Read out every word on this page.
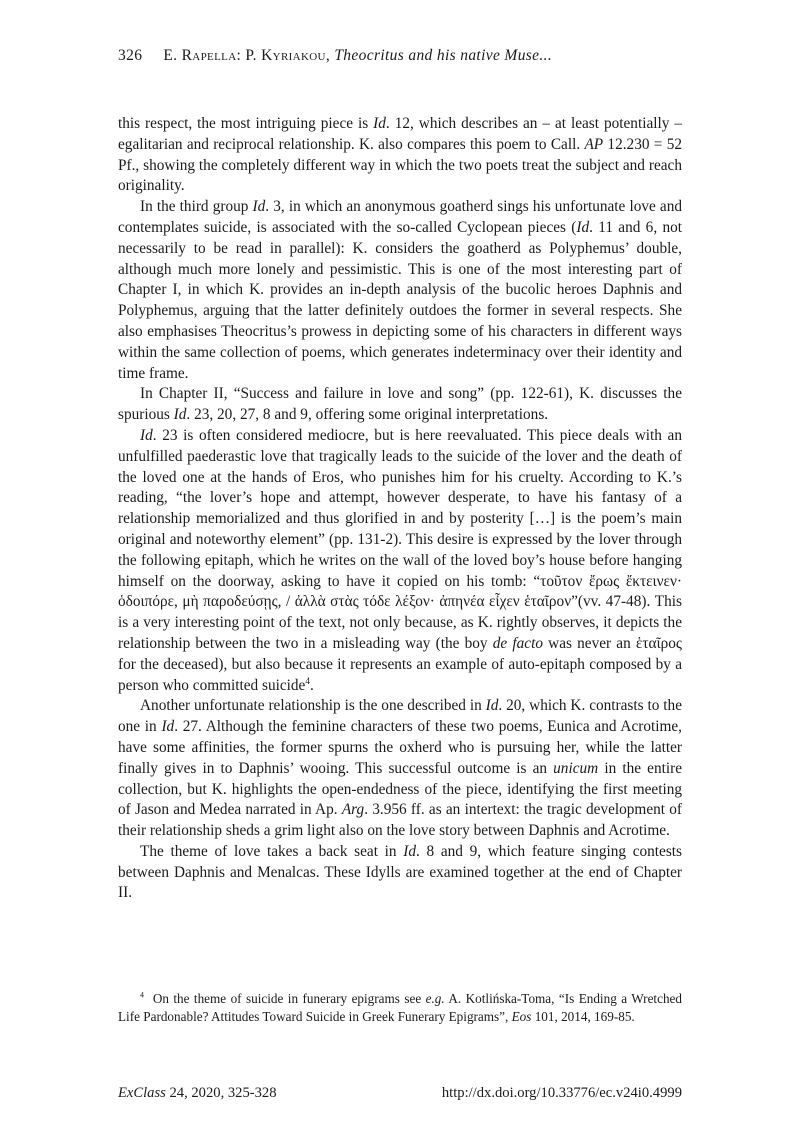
326 E. Rapella: P. Kyriakou, Theocritus and his native Muse...

this respect, the most intriguing piece is Id. 12, which describes an – at least potentially – egalitarian and reciprocal relationship. K. also compares this poem to Call. AP 12.230 = 52 Pf., showing the completely different way in which the two poets treat the subject and reach originality.

In the third group Id. 3, in which an anonymous goatherd sings his unfortunate love and contemplates suicide, is associated with the so-called Cyclopean pieces (Id. 11 and 6, not necessarily to be read in parallel): K. considers the goatherd as Polyphemus’ double, although much more lonely and pessimistic. This is one of the most interesting part of Chapter I, in which K. provides an in-depth analysis of the bucolic heroes Daphnis and Polyphemus, arguing that the latter definitely outdoes the former in several respects. She also emphasises Theocritus’s prowess in depicting some of his characters in different ways within the same collection of poems, which generates indeterminacy over their identity and time frame.

In Chapter II, “Success and failure in love and song” (pp. 122-61), K. discusses the spurious Id. 23, 20, 27, 8 and 9, offering some original interpretations.

Id. 23 is often considered mediocre, but is here reevaluated. This piece deals with an unfulfilled paederastic love that tragically leads to the suicide of the lover and the death of the loved one at the hands of Eros, who punishes him for his cruelty. According to K.’s reading, “the lover’s hope and attempt, however desperate, to have his fantasy of a relationship memorialized and thus glorified in and by posterity […] is the poem’s main original and noteworthy element” (pp. 131-2). This desire is expressed by the lover through the following epitaph, which he writes on the wall of the loved boy’s house before hanging himself on the doorway, asking to have it copied on his tomb: “τοῦτον ἔρως ἔκτεινεν· ὁδοιπόρε, μὴ παροδεύσῃς, / ἀλλὰ στὰς τόδε λέξον· ἀπηνέα εἶχεν ἑταῖρον”(vv. 47-48). This is a very interesting point of the text, not only because, as K. rightly observes, it depicts the relationship between the two in a misleading way (the boy de facto was never an ἑταῖρος for the deceased), but also because it represents an example of auto-epitaph composed by a person who committed suicide$^4$.

Another unfortunate relationship is the one described in Id. 20, which K. contrasts to the one in Id. 27. Although the feminine characters of these two poems, Eunica and Acrotime, have some affinities, the former spurns the oxherd who is pursuing her, while the latter finally gives in to Daphnis’ wooing. This successful outcome is an unicum in the entire collection, but K. highlights the open-endedness of the piece, identifying the first meeting of Jason and Medea narrated in Ap. Arg. 3.956 ff. as an intertext: the tragic development of their relationship sheds a grim light also on the love story between Daphnis and Acrotime.

The theme of love takes a back seat in Id. 8 and 9, which feature singing contests between Daphnis and Menalcas. These Idylls are examined together at the end of Chapter II.

$^4$  On the theme of suicide in funerary epigrams see e.g. A. Kotlińska-Toma, “Is Ending a Wretched Life Pardonable? Attitudes Toward Suicide in Greek Funerary Epigrams”, Eos 101, 2014, 169-85.

ExClass 24, 2020, 325-328	http://dx.doi.org/10.33776/ec.v24i0.4999
